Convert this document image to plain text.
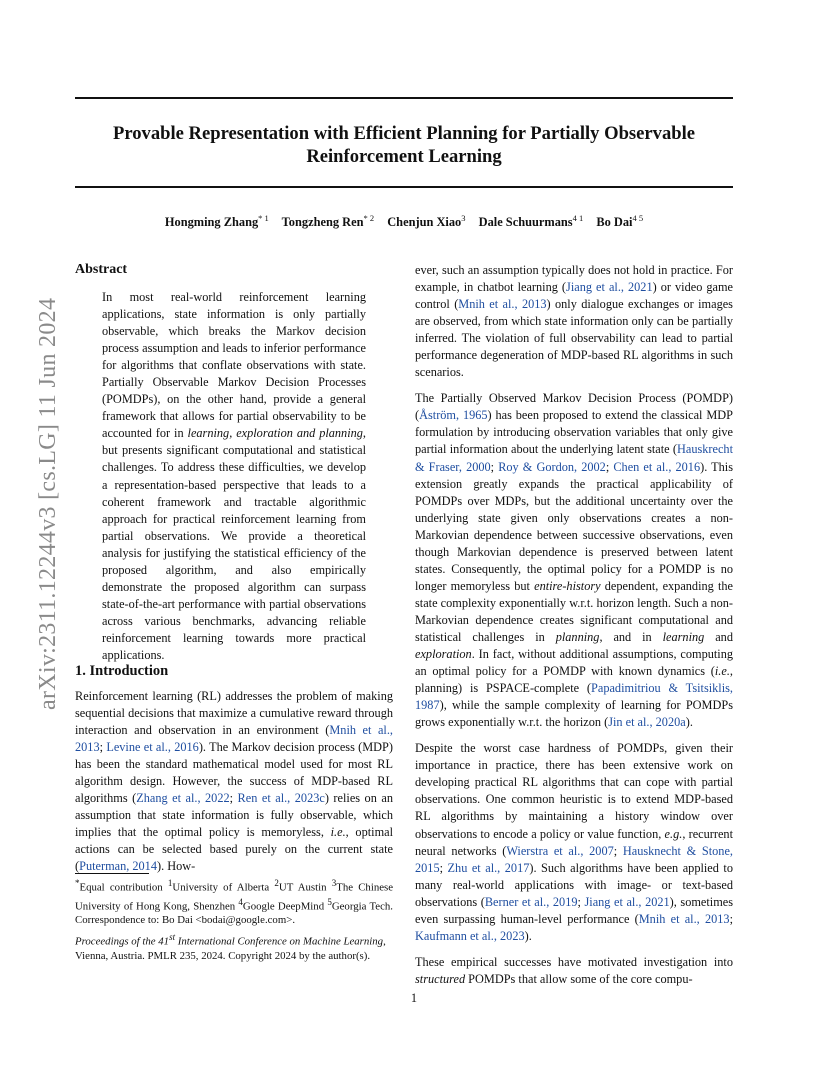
Provable Representation with Efficient Planning for Partially Observable
Reinforcement Learning
Hongming Zhang$^{* 1}$ Tongzheng Ren$^{* 2}$ Chenjun Xiao$^3$ Dale Schuurmans$^{4 1}$ Bo Dai$^{4 5}$
arXiv:2311.12244v3 [cs.LG] 11 Jun 2024

Abstract

In most real-world reinforcement learning applications, state information is only partially observable, which breaks the Markov decision process assumption and leads to inferior performance for algorithms that conflate observations with state. Partially Observable Markov Decision Processes (POMDPs), on the other hand, provide a general framework that allows for partial observability to be accounted for in learning, exploration and planning, but presents significant computational and statistical challenges. To address these difficulties, we develop a representation-based perspective that leads to a coherent framework and tractable algorithmic approach for practical reinforcement learning from partial observations. We provide a theoretical analysis for justifying the statistical efficiency of the proposed algorithm, and also empirically demonstrate the proposed algorithm can surpass state-of-the-art performance with partial observations across various benchmarks, advancing reliable reinforcement learning towards more practical applications.

1. Introduction

Reinforcement learning (RL) addresses the problem of making sequential decisions that maximize a cumulative reward through interaction and observation in an environment (Mnih et al., 2013; Levine et al., 2016). The Markov decision process (MDP) has been the standard mathematical model used for most RL algorithm design. However, the success of MDP-based RL algorithms (Zhang et al., 2022; Ren et al., 2023c) relies on an assumption that state information is fully observable, which implies that the optimal policy is memoryless, i.e., optimal actions can be selected based purely on the current state (Puterman, 2014). How-

*Equal contribution $^1$University of Alberta $^2$UT Austin $^3$The Chinese University of Hong Kong, Shenzhen $^4$Google DeepMind $^5$Georgia Tech. Correspondence to: Bo Dai <bodai@google.com>.
Proceedings of the 41st International Conference on Machine Learning, Vienna, Austria. PMLR 235, 2024. Copyright 2024 by the author(s).

ever, such an assumption typically does not hold in practice. For example, in chatbot learning (Jiang et al., 2021) or video game control (Mnih et al., 2013) only dialogue exchanges or images are observed, from which state information only can be partially inferred. The violation of full observability can lead to partial performance degeneration of MDP-based RL algorithms in such scenarios.

The Partially Observed Markov Decision Process (POMDP) (Åström, 1965) has been proposed to extend the classical MDP formulation by introducing observation variables that only give partial information about the underlying latent state (Hauskrecht & Fraser, 2000; Roy & Gordon, 2002; Chen et al., 2016). This extension greatly expands the practical applicability of POMDPs over MDPs, but the additional uncertainty over the underlying state given only observations creates a non-Markovian dependence between successive observations, even though Markovian dependence is preserved between latent states. Consequently, the optimal policy for a POMDP is no longer memoryless but entire-history dependent, expanding the state complexity exponentially w.r.t. horizon length. Such a non-Markovian dependence creates significant computational and statistical challenges in planning, and in learning and exploration. In fact, without additional assumptions, computing an optimal policy for a POMDP with known dynamics (i.e., planning) is PSPACE-complete (Papadimitriou & Tsitsiklis, 1987), while the sample complexity of learning for POMDPs grows exponentially w.r.t. the horizon (Jin et al., 2020a).

Despite the worst case hardness of POMDPs, given their importance in practice, there has been extensive work on developing practical RL algorithms that can cope with partial observations. One common heuristic is to extend MDP-based RL algorithms by maintaining a history window over observations to encode a policy or value function, e.g., recurrent neural networks (Wierstra et al., 2007; Hausknecht & Stone, 2015; Zhu et al., 2017). Such algorithms have been applied to many real-world applications with image- or text-based observations (Berner et al., 2019; Jiang et al., 2021), sometimes even surpassing human-level performance (Mnih et al., 2013; Kaufmann et al., 2023).

These empirical successes have motivated investigation into structured POMDPs that allow some of the core compu-

1
